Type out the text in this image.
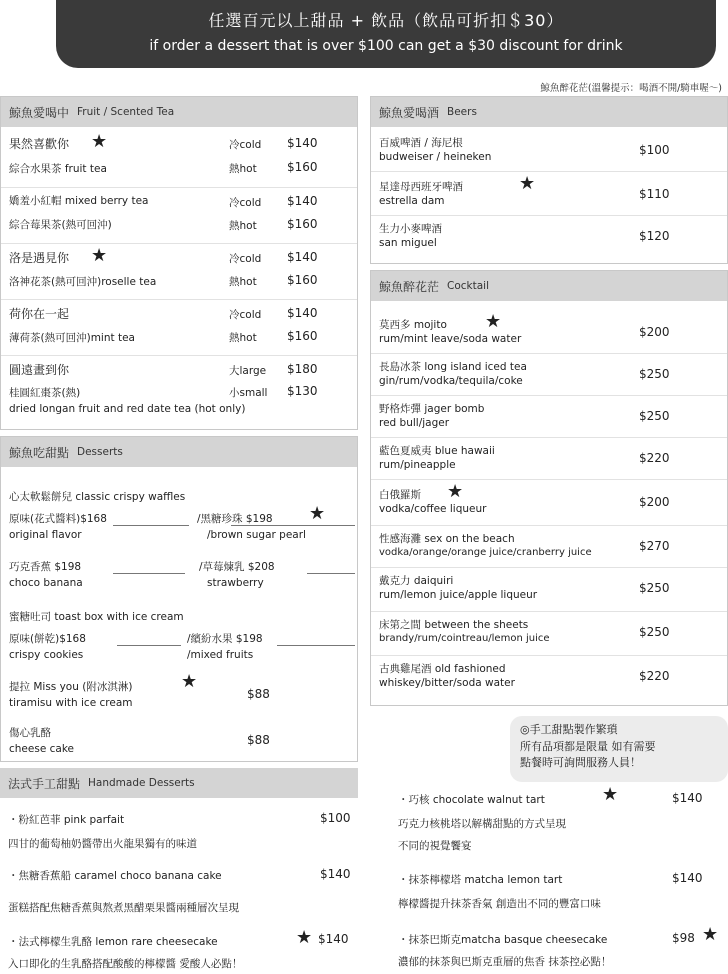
任選百元以上甜品 + 飲品（飲品可折扣＄30）
if order a dessert that is over $100 can get a $30 discount for drink
鯨魚醉花茫(溫馨提示：喝酒不開/騎車喔～)
鯨魚愛喝中 Fruit / Scented Tea
果然喜歡你 ★
綜合水果茶 fruit tea
冷cold $140
熱hot	$160
嬌羞小紅帽 mixed berry tea
綜合莓果茶(熱可回沖)
冷cold $140
熱hot	$160
洛是遇見你 ★
洛神花茶(熱可回沖)roselle tea
冷cold $140
熱hot	$160
荷你在一起
薄荷茶(熱可回沖)mint tea
冷cold $140
熱hot	$160
圓遠畫到你
桂圓紅棗茶(熱)
大large $180
小small $130
dried longan fruit and red date tea (hot only)
鯨魚吃甜點 Desserts
心太軟鬆餅兒 classic crispy waffles
原味(花式醬料)$168
original flavor
/黑糖珍珠 $198 ★
/brown sugar pearl
巧克香蕉 $198
choco banana
/草莓煉乳 $208
strawberry
蜜糖吐司 toast box with ice cream
原味(餅乾)$168
crispy cookies
/繽紛水果 $198
/mixed fruits
提拉 Miss you (附冰淇淋)	★
tiramisu with ice cream
$88
傷心乳酪
cheese cake
$88
鯨魚愛喝酒 Beers
百威啤酒 / 海尼根
budweiser / heineken	$100
星達母西班牙啤酒	★
estrella dam	$110
生力小麥啤酒
san miguel	$120
鯨魚醉花茫 Cocktail
莫西多 mojito ★
rum/mint leave/soda water	$200
長島冰茶 long island iced tea
gin/rum/vodka/tequila/coke	$250
野格炸彈 jager bomb
red bull/jager	$250
藍色夏威夷 blue hawaii
rum/pineapple	$220
白俄羅斯 ★
vodka/coffee liqueur	$200
性感海灘 sex on the beach
vodka/orange/orange juice/cranberry juice	$270
戴克力 daiquiri
rum/lemon juice/apple liqueur	$250
床第之間 between the sheets
brandy/rum/cointreau/lemon juice	$250
古典雞尾酒 old fashioned
whiskey/bitter/soda water	$220
◎手工甜點製作繁瑣
所有品項都是限量 如有需要
點餐時可詢問服務人員！
法式手工甜點 Handmade Desserts
・粉紅芭菲 pink parfait	$100
四甘的葡萄柚奶醬帶出火龍果獨有的味道
・焦糖香蕉船 caramel choco banana cake	$140
蛋糕搭配焦糖香蕉與熬煮黑醋栗果醬兩種層次呈現
・法式檸檬生乳酪 lemon rare cheesecake	★ $140
入口即化的生乳酪搭配酸酸的檸檬醬 愛酸人必點！
・巧核 chocolate walnut tart	★	$140
巧克力核桃塔以解構甜點的方式呈現
不同的視覺饗宴
・抹茶檸檬塔 matcha lemon tart	$140
檸檬醬提升抹茶香氣 創造出不同的豐富口味
・抹茶巴斯克matcha basque cheesecake	$98 ★
濃郁的抹茶與巴斯克重層的焦香 抹茶控必點！
